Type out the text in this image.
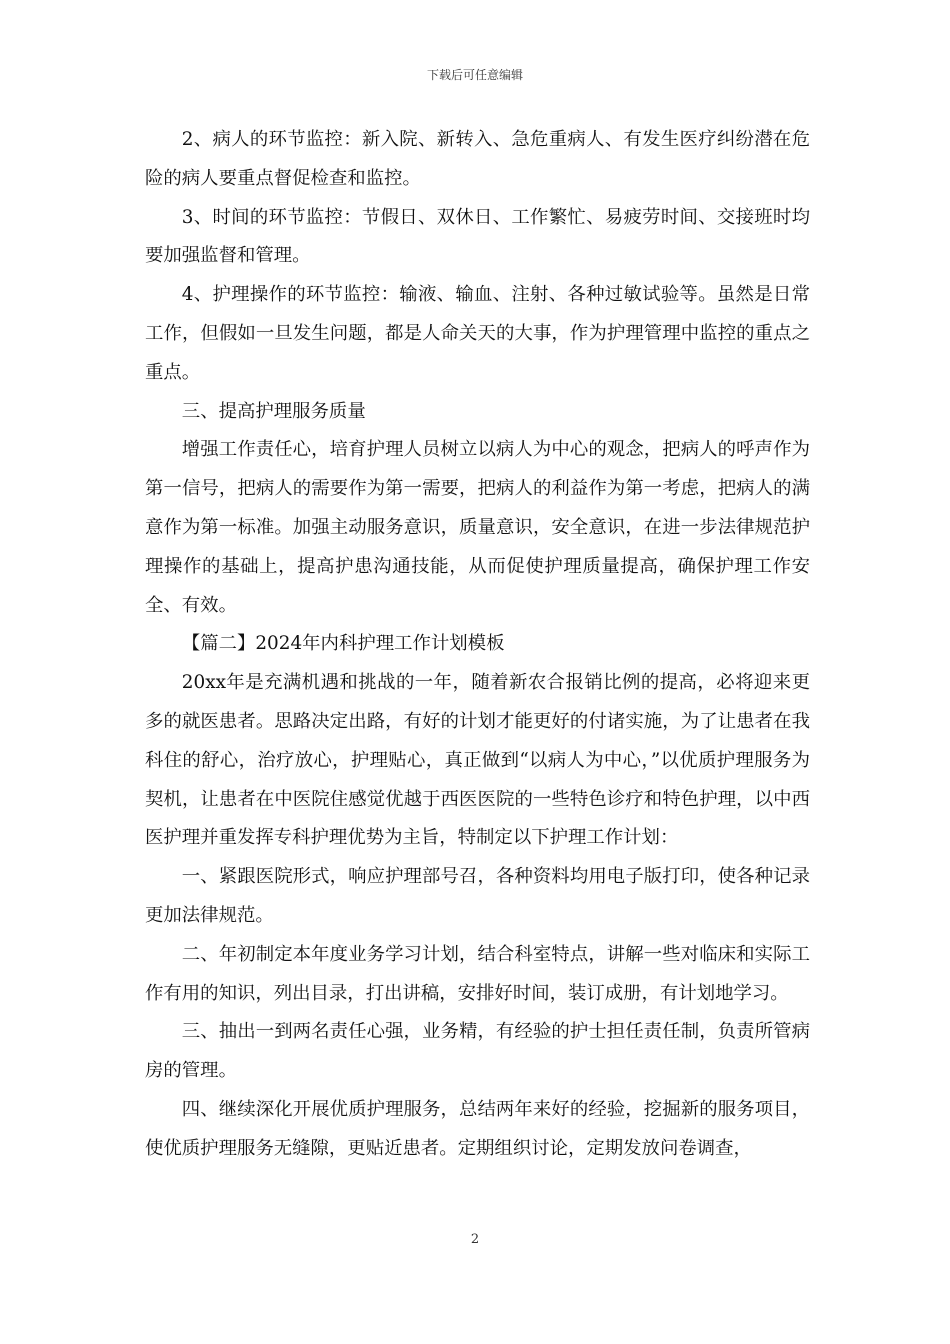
下载后可任意编辑

2、病人的环节监控：新入院、新转入、急危重病人、有发生医疗纠纷潜在危险的病人要重点督促检查和监控。

3、时间的环节监控：节假日、双休日、工作繁忙、易疲劳时间、交接班时均要加强监督和管理。

4、护理操作的环节监控：输液、输血、注射、各种过敏试验等。虽然是日常工作，但假如一旦发生问题，都是人命关天的大事，作为护理管理中监控的重点之重点。

三、提高护理服务质量

增强工作责任心，培育护理人员树立以病人为中心的观念，把病人的呼声作为第一信号，把病人的需要作为第一需要，把病人的利益作为第一考虑，把病人的满意作为第一标准。加强主动服务意识，质量意识，安全意识，在进一步法律规范护理操作的基础上，提高护患沟通技能，从而促使护理质量提高，确保护理工作安全、有效。

【篇二】2024年内科护理工作计划模板

20xx年是充满机遇和挑战的一年，随着新农合报销比例的提高，必将迎来更多的就医患者。思路决定出路，有好的计划才能更好的付诸实施，为了让患者在我科住的舒心，治疗放心，护理贴心，真正做到“以病人为中心，”以优质护理服务为契机，让患者在中医院住感觉优越于西医医院的一些特色诊疗和特色护理，以中西医护理并重发挥专科护理优势为主旨，特制定以下护理工作计划：

一、紧跟医院形式，响应护理部号召，各种资料均用电子版打印，使各种记录更加法律规范。

二、年初制定本年度业务学习计划，结合科室特点，讲解一些对临床和实际工作有用的知识，列出目录，打出讲稿，安排好时间，装订成册，有计划地学习。

三、抽出一到两名责任心强，业务精，有经验的护士担任责任制，负责所管病房的管理。

四、继续深化开展优质护理服务，总结两年来好的经验，挖掘新的服务项目，使优质护理服务无缝隙，更贴近患者。定期组织讨论，定期发放问卷调查，

2
